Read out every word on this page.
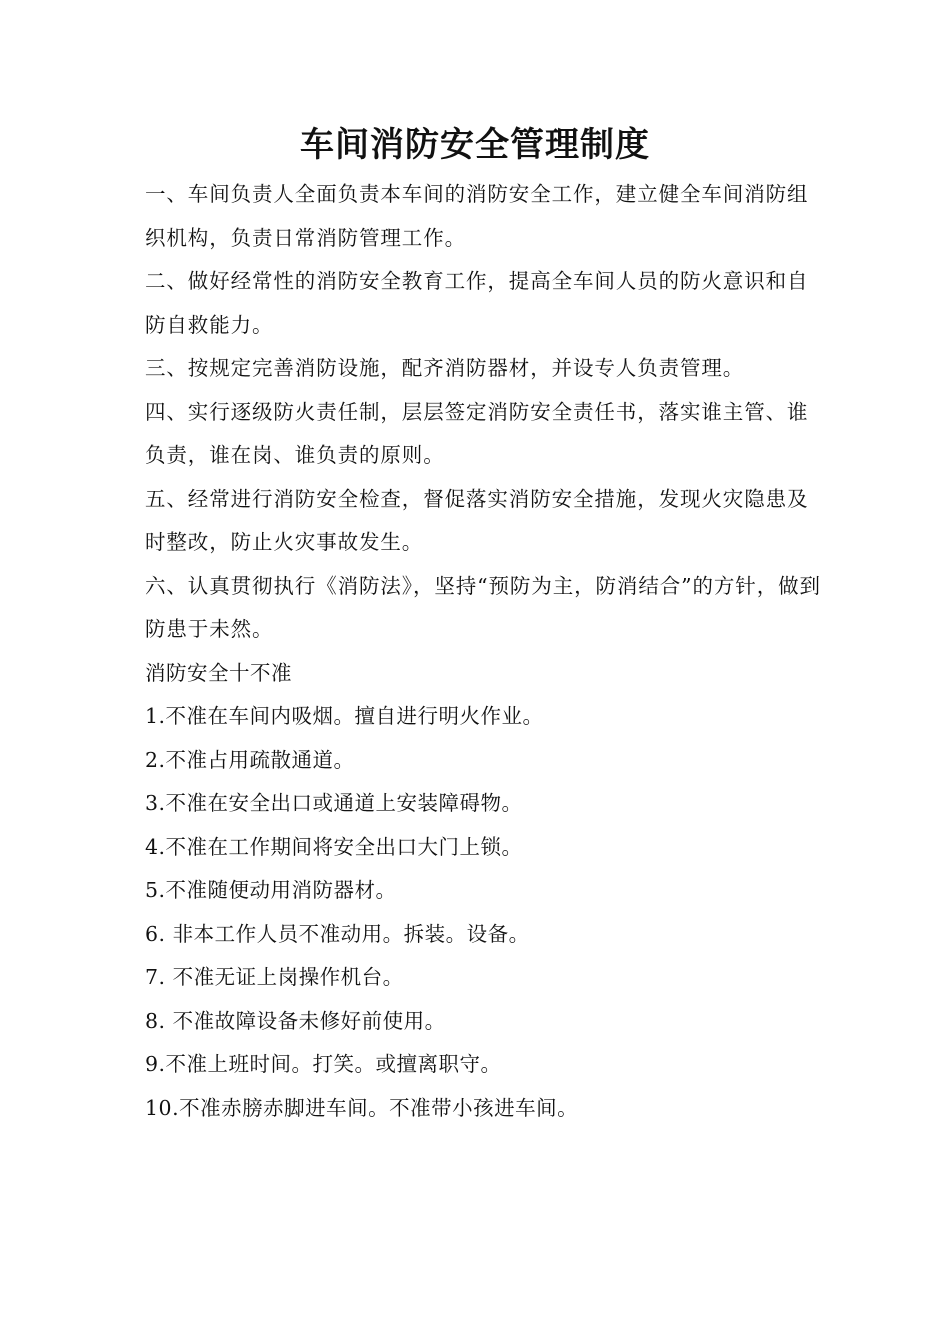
车间消防安全管理制度

一、车间负责人全面负责本车间的消防安全工作，建立健全车间消防组织机构，负责日常消防管理工作。

二、做好经常性的消防安全教育工作，提高全车间人员的防火意识和自防自救能力。

三、按规定完善消防设施，配齐消防器材，并设专人负责管理。

四、实行逐级防火责任制，层层签定消防安全责任书，落实谁主管、谁负责，谁在岗、谁负责的原则。

五、经常进行消防安全检查，督促落实消防安全措施，发现火灾隐患及时整改，防止火灾事故发生。

六、认真贯彻执行《消防法》，坚持“预防为主，防消结合”的方针，做到防患于未然。

消防安全十不准

1.不准在车间内吸烟。擅自进行明火作业。
2.不准占用疏散通道。
3.不准在安全出口或通道上安装障碍物。
4.不准在工作期间将安全出口大门上锁。
5.不准随便动用消防器材。
6. 非本工作人员不准动用。拆装。设备。
7. 不准无证上岗操作机台。
8. 不准故障设备未修好前使用。
9.不准上班时间。打笑。或擅离职守。
10.不准赤膀赤脚进车间。不准带小孩进车间。
